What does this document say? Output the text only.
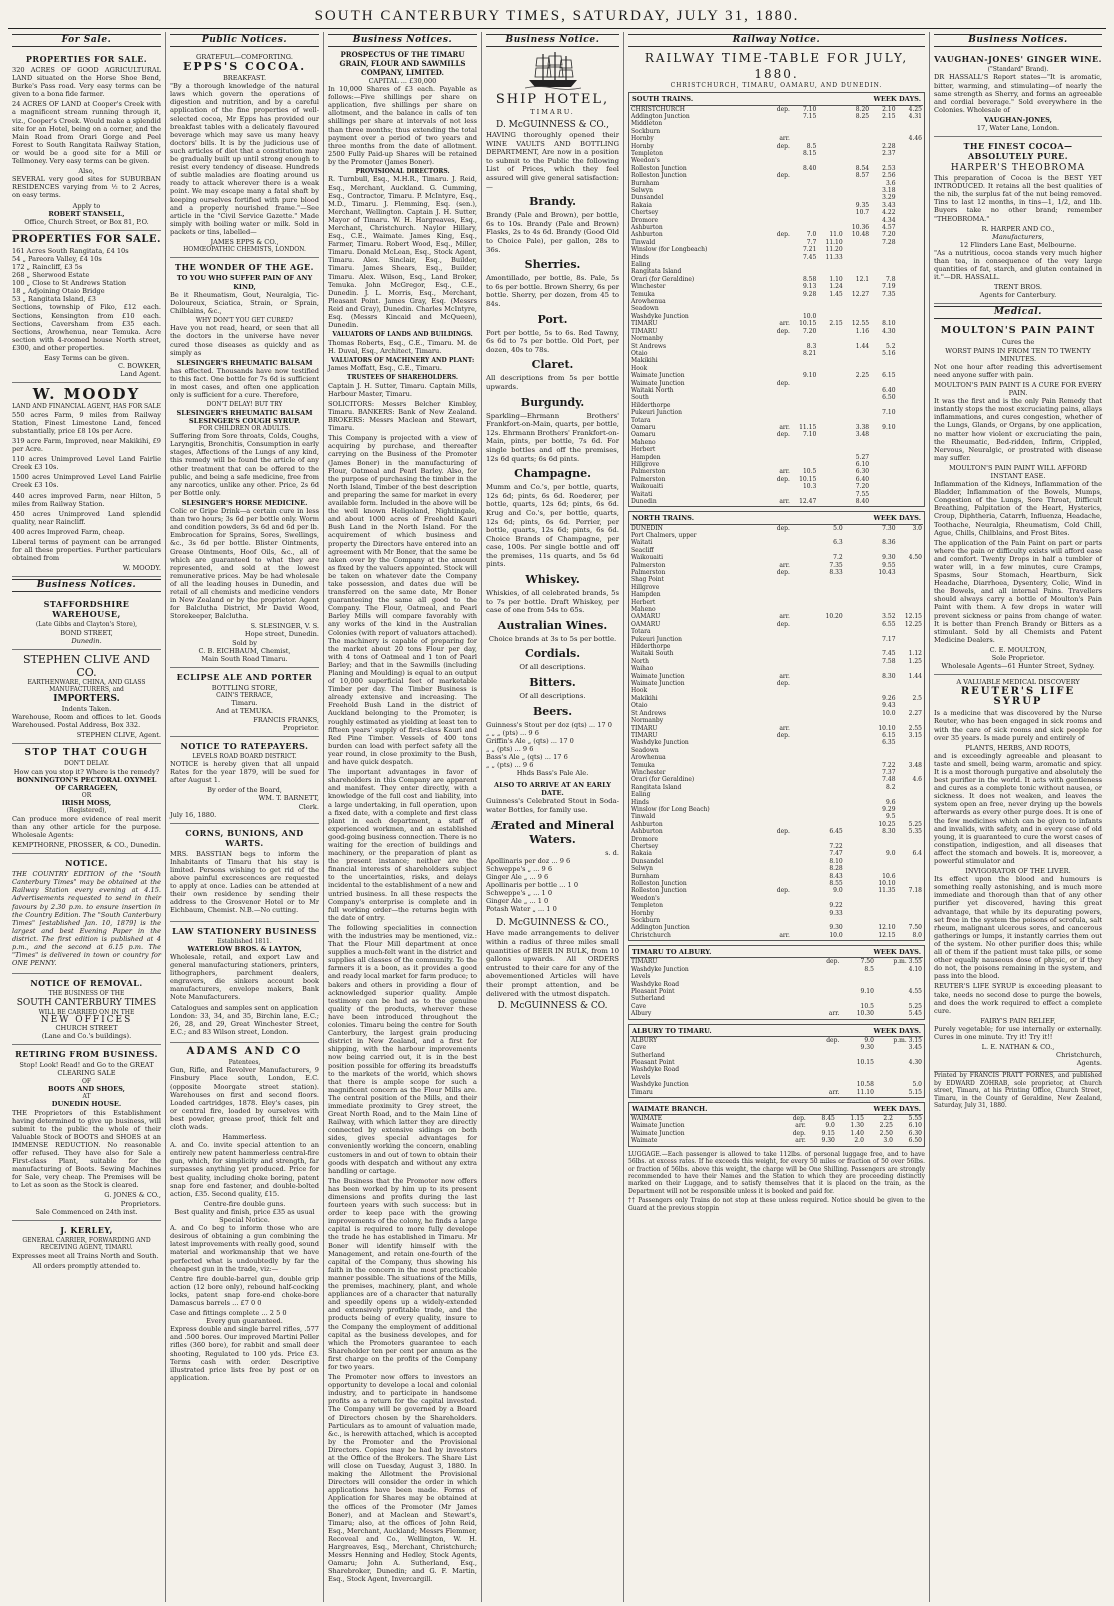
SOUTH CANTERBURY TIMES, SATURDAY, JULY 31, 1880.
For Sale.
PROPERTIES FOR SALE.
320 ACRES OF GOOD AGRICULTURAL LAND situated on the Horse Shoe Bend, Burke's Pass road. Very easy terms can be given to a bona fide farmer.
24 ACRES OF LAND at Cooper's Creek with a magnificent stream running through it, viz., Cooper's Creek. Would make a splendid site for an Hotel, being on a corner, and the Main Road from Orari Gorge and Peel Forest to South Rangitata Railway Station, or would be a good site for a Mill or Tellmoney. Very easy terms can be given.
Also,
SEVERAL very good sites for SUBURBAN RESIDENCES varying from ½ to 2 Acres, on easy terms.
Apply to
ROBERT STANSELL,
Office, Church Street, or Box 81, P.O.
PROPERTIES FOR SALE.
161 Acres South Rangitata, £4 10s
54 „ Pareora Valley, £4 10s
172 „ Raincliff, £3 5s
268 „ Sherwood Estate
100 „ Close to St Andrews Station
18 „ Adjoining Otaio Bridge
53 „ Rangitata Island, £3
Sections, township of Fiko, £12 each. Sections, Kensington from £10 each. Sections, Caversham from £35 each. Sections, Arowhenua, near Temuka. Acre section with 4-roomed house North street, £300, and other properties.
Easy Terms can be given.
C. BOWKER,
Land Agent.
W. MOODY
LAND AND FINANCIAL AGENT, HAS FOR SALE
550 acres Farm, 9 miles from Railway Station, Finest Limestone Land, fenced substantially, price £8 10s per Acre.
319 acre Farm, Improved, near Makikihi, £9 per Acre.
110 acres Unimproved Level Land Fairlie Creek £3 10s.
1500 acres Unimproved Level Land Fairlie Creek £3 10s.
440 acres improved Farm, near Hilton, 5 miles from Railway Station.
450 acres Unimproved Land splendid quality, near Raincliff.
400 acres Improved Farm, cheap.
Liberal terms of payment can be arranged for all these properties. Further particulars obtained from
W. MOODY.
Business Notices.
STAFFORDSHIRE WAREHOUSE,
(Late Gibbs and Clayton's Store),
BOND STREET,
Dunedin.
STEPHEN CLIVE AND CO.
EARTHENWARE, CHINA, AND GLASS MANUFACTURERS, and
IMPORTERS.
Indents Taken.
Warehouse, Room and offices to let. Goods Warehoused. Postal Address, Box 332.
STEPHEN CLIVE, Agent.
STOP THAT COUGH
DON'T DELAY.
How can you stop it? Where is the remedy?
BONNINGTON'S PECTORAL OXYMEL OF CARRAGEEN,
OR
IRISH MOSS,
(Registered),
Can produce more evidence of real merit than any other article for the purpose. Wholesale Agents:
KEMPTHORNE, PROSSER, & CO., Dunedin.
NOTICE.
THE COUNTRY EDITION of the "South Canterbury Times" may be obtained at the Railway Station every evening at 4.15. Advertisements requested to send in their favours by 2.30 p.m. to ensure insertion in the Country Edition. The "South Canterbury Times" [established Jan. 10, 1879] is the largest and best Evening Paper in the district. The first edition is published at 4 p.m., and the second at 6.15 p.m. The "Times" is delivered in town or country for ONE PENNY.
NOTICE OF REMOVAL.
THE BUSINESS OF THE
SOUTH CANTERBURY TIMES
WILL BE CARRIED ON IN THE
NEW OFFICES
CHURCH STREET
(Lane and Co.'s buildings).
RETIRING FROM BUSINESS.
Stop! Look! Read! and Go to the GREAT CLEARING SALE
OF
BOOTS AND SHOES,
AT
DUNEDIN HOUSE.
THE Proprietors of this Establishment having determined to give up business, will submit to the public the whole of their Valuable Stock of BOOTS and SHOES at an IMMENSE REDUCTION. No reasonable offer refused. They have also for Sale a First-class Plant, suitable for the manufacturing of Boots. Sewing Machines for Sale, very cheap. The Premises will be to Let as soon as the Stock is cleared.
G. JONES & CO.,
Proprietors.
Sale Commenced on 24th inst.
J. KERLEY,
GENERAL CARRIER, FORWARDING AND RECEIVING AGENT, TIMARU.
Expresses meet all Trains North and South.
All orders promptly attended to.
Public Notices.
GRATEFUL—COMFORTING.
EPPS'S COCOA.
BREAKFAST.
"By a thorough knowledge of the natural laws which govern the operations of digestion and nutrition, and by a careful application of the fine properties of well-selected cocoa, Mr Epps has provided our breakfast tables with a delicately flavoured beverage which may save us many heavy doctors' bills. It is by the judicious use of such articles of diet that a constitution may be gradually built up until strong enough to resist every tendency of disease. Hundreds of subtle maladies are floating around us ready to attack wherever there is a weak point. We may escape many a fatal shaft by keeping ourselves fortified with pure blood and a properly nourished frame."—See article in the "Civil Service Gazette." Made simply with boiling water or milk. Sold in packets or tins, labelled—
JAMES EPPS & CO.,
HOMŒOPATHIC CHEMISTS, LONDON.
THE WONDER OF THE AGE.
TO YOU WHO SUFFER PAIN OF ANY KIND,
Be it Rheumatism, Gout, Neuralgia, Tic-Doloureux, Sciatica, Strain, or Sprain, Chilblains, &c.,
WHY DON'T YOU GET CURED?
Have you not read, heard, or seen that all the doctors in the universe have never cured those diseases as quickly and as simply as
SLESINGER'S RHEUMATIC BALSAM
has effected. Thousands have now testified to this fact. One bottle for 7s 6d is sufficient in most cases, and often one application only is sufficient for a cure. Therefore,
DON'T DELAY! BUT TRY
SLESINGER'S RHEUMATIC BALSAM
SLESINGER'S COUGH SYRUP.
FOR CHILDREN OR ADULTS.
Suffering from Sore throats, Colds, Coughs, Laryngitis, Bronchitis, Consumption in early stages, Affections of the Lungs of any kind, this remedy will be found the article of any other treatment that can be offered to the public, and being a safe medicine, free from any narcotics, unlike any other. Price, 2s 6d per Bottle only.
SLESINGER'S HORSE MEDICINE.
Colic or Gripe Drink—a certain cure in less than two hours; 3s 6d per bottle only. Worm and condition powders, 3s 6d and 6d per lb. Embrocation for Sprains, Sores, Swellings, &c., 3s 6d per bottle. Blister Ointments, Grease Ointments, Hoof Oils, &c., all of which are guaranteed to what they are represented, and sold at the lowest remunerative prices. May be had wholesale of all the leading houses in Dunedin, and retail of all chemists and medicine vendors in New Zealand or by the proprietor. Agent for Balclutha District, Mr David Wood, Storekeeper, Balclutha.
S. SLESINGER, V. S.
Hope street, Dunedin.
Sold by
C. B. EICHBAUM, Chemist,
Main South Road Timaru.
ECLIPSE ALE AND PORTER
BOTTLING STORE,
CAIN'S TERRACE,
Timaru.
And at TEMUKA.
FRANCIS FRANKS,
Proprietor.
NOTICE TO RATEPAYERS.
LEVELS ROAD BOARD DISTRICT.
NOTICE is hereby given that all unpaid Rates for the year 1879, will be sued for after August 1.
By order of the Board,
WM. T. BARNETT,
Clerk.
July 16, 1880.
CORNS, BUNIONS, AND WARTS.
MRS. BASSTIAN begs to inform the Inhabitants of Timaru that his stay is limited. Persons wishing to get rid of the above painful excrescences are requested to apply at once. Ladies can be attended at their own residence by sending their address to the Grosvenor Hotel or to Mr Eichbaum, Chemist. N.B.—No cutting.
LAW STATIONERY BUSINESS
Established 1811.
WATERLOW BROS. & LAYTON,
Wholesale, retail, and export Law and general manufacturing stationers, printers, lithographers, parchment dealers, engravers, die sinkers account book manufacturers, envelope makers, Bank Note Manufacturers.
Catalogues and samples sent on application
London: 33, 34, and 35, Birchin lane, E.C.; 26, 28, and 29, Great Winchester Street, E.C.; and 83 Wilson street, London.
ADAMS AND CO
Patentees,
Gun, Rifle, and Revolver Manufacturers, 9 Finsbury Place south, London, E.C. (opposite Moorgate street station). Warehouses on first and second floors. Loaded cartridges, 1878. Eley's cases, pin or central fire, loaded by ourselves with best powder, grease proof, thick felt and cloth wads.
Hammerless.
A. and Co. invite special attention to an entirely new patent hammerless central-fire gun, which, for simplicity and strength, far surpasses anything yet produced. Price for best quality, including choke boring, patent snap fore end fastener, and double-bolted action, £35. Second quality, £15.
Centre-fire double guns.
Best quality and finish, price £35 as usual
Special Notice.
A. and Co beg to inform those who are desirous of obtaining a gun combining the latest improvements with really good, sound material and workmanship that we have perfected what is undoubtedly by far the cheapest gun in the trade, viz:—
Centre fire double-barrel gun, double grip action (12 bore only), rebound half-cocking locks, patent snap fore-end choke-bore Damascus barrels ... £7 0 0
Case and fittings complete ... 2 5 0
Every gun guaranteed.
Express double and single barrel rifles, .577 and .500 bores. Our improved Martini Peller rifles (360 bore), for rabbit and small deer shooting, Regulated to 100 yds. Price £3. Terms cash with order. Descriptive illustrated price lists free by post or on application.
Business Notices.
PROSPECTUS OF THE TIMARU GRAIN, FLOUR AND SAWMILLS COMPANY, LIMITED.
CAPITAL ... £30,000
In 10,000 Shares of £3 each. Payable as follows:—Five shillings per share on application, five shillings per share on allotment, and the balance in calls of ten shillings per share at intervals of not less than three months; thus extending the total payment over a period of two years and three months from the date of allotment. 2500 Fully Paid-up Shares will be retained by the Promoter (James Boner).
PROVISIONAL DIRECTORS.
R. Turnbull, Esq., M.H.R., Timaru. J. Reid, Esq., Merchant, Auckland. G. Cumming, Esq., Contractor, Timaru. P. McIntyre, Esq., M.D., Timaru. J. Flemming, Esq. (sen.), Merchant, Wellington. Captain J. H. Sutter, Mayor of Timaru. W. H. Hargreaves, Esq., Merchant, Christchurch. Naylor Hillary, Esq., C.E., Waimate. James King, Esq., Farmer, Timaru. Robert Wood, Esq., Miller, Timaru. Donald McLean, Esq., Stock Agent, Timaru. Alex. Sinclair, Esq., Builder, Timaru. James Shears, Esq., Builder, Timaru. Alex. Wilson, Esq., Land Broker, Temuka. John McGregor, Esq., C.E., Dunedin. J. L. Morris, Esq., Merchant, Pleasant Point. James Gray, Esq. (Messrs Reid and Gray), Dunedin. Charles McIntyre, Esq. (Messrs Kincaid and McQueen), Dunedin.
VALUATORS OF LANDS AND BUILDINGS.
Thomas Roberts, Esq., C.E., Timaru. M. de H. Duval, Esq., Architect, Timaru.
VALUATORS OF MACHINERY AND PLANT:
James Moffatt, Esq., C.E., Timaru.
TRUSTEES OF SHAREHOLDERS.
Captain J. H. Sutter, Timaru. Captain Mills, Harbour Master, Timaru.
SOLICITORS: Messrs Belcher Kimbley, Timaru. BANKERS: Bank of New Zealand. BROKERS: Messrs Maclean and Stewart, Timaru.
This Company is projected with a view of acquiring by purchase, and thereafter carrying on the Business of the Promoter (James Boner) in the manufacturing of Flour, Oatmeal and Pearl Barley. Also, for the purpose of purchasing the timber in the North Island, Timber of the best description and preparing the same for market in every available form. Included in the above will be the well known Heligoland, Nightingale, and about 1000 acres of Freehold Kauri Bush Land in the North Island. For the acquirement of which business and property the Directors have entered into an agreement with Mr Boner, that the same be taken over by the Company at the amount as fixed by the valuers appointed. Stock will be taken on whatever date the Company take possession, and dates due will be transferred on the same date, Mr Boner guaranteeing the same all good to the Company. The Flour, Oatmeal, and Pearl Barley Mills will compare favorably with any works of the kind in the Australian Colonies (with report of valuators attached). The machinery is capable of preparing for the market about 20 tons Flour per day, with 4 tons of Oatmeal and 1 ton of Pearl Barley; and that in the Sawmills (including Planing and Moulding) is equal to an output of 10,000 superficial feet of marketable Timber per day. The Timber Business is already extensive and increasing. The Freehold Bush Land in the district of Auckland belonging to the Promoter, is roughly estimated as yielding at least ten to fifteen years' supply of first-class Kauri and Red Pine Timber. Vessels of 400 tons burden can load with perfect safety all the year round, in close proximity to the Bush, and have quick despatch.
The important advantages in favor of shareholders in this Company are apparent and manifest. They enter directly, with a knowledge of the full cost and liability, into a large undertaking, in full operation, upon a fixed date, with a complete and first class plant in each department, a staff of experienced workmen, and an established good-going business connection. There is no waiting for the erection of buildings and machinery, or the preparation of plant as the present instance; neither are the financial interests of shareholders subject to the uncertainties, risks, and delays incidental to the establishment of a new and untried business. In all these respects the Company's enterprise is complete and in full working order—the returns begin with the date of entry.
The following specialities in connection with the industries may be mentioned, viz.: That the Flour Mill department at once supplies a much-felt want in the district and supplies all classes of the community. To the farmers it is a boon, as it provides a good and ready local market for farm produce; to bakers and others in providing a flour of acknowledged superior quality. Ample testimony can be had as to the genuine quality of the products, wherever these have been introduced throughout the colonies. Timaru being the centre for South Canterbury, the largest grain producing district in New Zealand, and a first for shipping, with the harbour improvements now being carried out, it is in the best position possible for offering its breadstuffs to the markets of the world, which shows that there is ample scope for such a magnificent concern as the Flour Mills are. The central position of the Mills, and their immediate proximity to Grey street, the Great North Road, and to the Main Line of Railway, with which latter they are directly connected by extensive sidings on both sides, gives special advantages for conveniently working the concern, enabling customers in and out of town to obtain their goods with despatch and without any extra handling or cartage.
The Business that the Promoter now offers has been worked by him up to its present dimensions and profits during the last fourteen years with such success: but in order to keep pace with the growing improvements of the colony, he finds a large capital is required to more fully develope the trade he has established in Timaru. Mr Boner will identify himself with the Management, and retain one-fourth of the capital of the Company, thus showing his faith in the concern in the most practicable manner possible. The situations of the Mills, the premises, machinery, plant, and whole appliances are of a character that naturally and speedily opens up a widely-extended and extensively profitable trade, and the products being of every quality, insure to the Company the employment of additional capital as the business developes, and for which the Promoters guarantee to each Shareholder ten per cent per annum as the first charge on the profits of the Company for two years.
The Promoter now offers to investors an opportunity to develope a local and colonial industry, and to participate in handsome profits as a return for the capital invested. The Company will be governed by a Board of Directors chosen by the Shareholders. Particulars as to amount of valuation made, &c., is herewith attached, which is accepted by the Promoter and the Provisional Directors. Copies may be had by investors at the Office of the Brokers. The Share List will close on Tuesday, August 3, 1880. In making the Allotment the Provisional Directors will consider the order in which applications have been made. Forms of Application for Shares may be obtained at the offices of the Promoter (Mr James Boner), and at Maclean and Stewart's, Timaru; also, at the offices of John Reid, Esq., Merchant, Auckland; Messrs Flemmer, Recoveal and Co., Wellington, W. H. Hargreaves, Esq., Merchant, Christchurch; Messrs Henning and Hedley, Stock Agents, Oamaru; John A. Sutherland, Esq., Sharebroker, Dunedin; and G. F. Martin, Esq., Stock Agent, Invercargill.
Business Notice.
SHIP HOTEL,
TIMARU.
D. McGUINNESS & CO.,
HAVING thoroughly opened their WINE VAULTS AND BOTTLING DEPARTMENT, Are now in a position to submit to the Public the following List of Prices, which they feel assured will give general satisfaction:—
Brandy.
Brandy (Pale and Brown), per bottle, 6s to 10s. Brandy (Pale and Brown) Flasks, 2s to 4s 6d. Brandy (Good Old to Choice Pale), per gallon, 28s to 36s.
Sherries.
Amontillado, per bottle, 8s. Pale, 5s to 6s per bottle. Brown Sherry, 6s per bottle. Sherry, per dozen, from 45 to 84s.
Port.
Port per bottle, 5s to 6s. Red Tawny, 6s 6d to 7s per bottle. Old Port, per dozen, 40s to 78s.
Claret.
All descriptions from 5s per bottle upwards.
Burgundy.
Sparkling—Ehrmann Brothers' Frankfort-on-Main, quarts, per bottle, 12s. Ehrmann Brothers' Frankfort-on-Main, pints, per bottle, 7s 6d. For single bottles and off the premises, 12s 6d quarts; 6s 6d pints.
Champagne.
Mumm and Co.'s, per bottle, quarts, 12s 6d; pints, 6s 6d. Roederer, per bottle, quarts, 12s 6d; pints, 6s 6d. Krug and Co.'s, per bottle, quarts, 12s 6d; pints, 6s 6d. Perrier, per bottle, quarts, 12s 6d; pints, 6s 6d. Choice Brands of Champagne, per case, 100s. Per single bottle and off the premises, 11s quarts, and 5s 6d pints.
Whiskey.
Whiskies, of all celebrated brands, 5s to 7s per bottle. Draft Whiskey, per case of one from 54s to 65s.
Australian Wines.
Choice brands at 3s to 5s per bottle.
Cordials.
Of all descriptions.
Bitters.
Of all descriptions.
Beers.
Guinness's Stout per doz (qts) ... 17 0
„ „ „ (pts) ... 9 6
Griffin's Ale „ (qts) ... 17 0
„ „ (pts) ... 9 6
Bass's Ale „ (qts) ... 17 6
„ „ (pts) ... 9 6
Hhds Bass's Pale Ale.
ALSO TO ARRIVE AT AN EARLY DATE.
Guinness's Celebrated Stout in Soda-water Bottles, for family use.
Ærated and Mineral Waters.
s. d.
Apollinaris per doz ... 9 6
Schweppe's „ ... 9 6
Ginger Ale „ ... 9 6
Apollinaris per bottle ... 1 0
Schweppe's „ ... 1 0
Ginger Ale „ ... 1 0
Potash Water „ ... 1 0
D. McGUINNESS & CO.,
Have made arrangements to deliver within a radius of three miles small quantities of BEER IN BULK, from 10 gallons upwards. All ORDERS entrusted to their care for any of the abovementioned Articles will have their prompt attention, and be delivered with the utmost dispatch.
D. McGUINNESS & CO.
Railway Notice.
RAILWAY TIME-TABLE FOR JULY, 1880.
CHRISTCHURCH, TIMARU, OAMARU, AND DUNEDIN.
SOUTH TRAINS.	WEEK DAYS.
CHRISTCHURCH	dep.	7.10		8.20	2.10	4.25
Addington Junction		7.15		8.25	2.15	4.31
Middleton						
Sockburn						
Hornby	arr.					4.46
Hornby	dep.	8.5			2.28	
Templeton		8.15			2.37	
Weedon's						
Rolleston Junction		8.40		8.54	2.53	
Rolleston Junction	dep.			8.57	2.56	
Burnham					3.6	
Selwyn					3.18	
Dunsandel					3.29	
Rakaia				9.35	3.43	
Chertsey				10.7	4.22	
Dromore					4.34	
Ashburton				10.36	4.57	
Ashburton	dep.	7.0	11.0	10.48	7.20	
Tinwald		7.7	11.10		7.28	
Winslow (for Longbeach)		7.21	11.20			
Hinds		7.45	11.33			
Ealing						
Rangitata Island						
Orari (for Geraldine)		8.58	1.10	12.1	7.8	
Winchester		9.13	1.24		7.19	
Temuka		9.28	1.45	12.27	7.35	
Arowhenua						
Seadown						
Washdyke Junction		10.0				
TIMARU	arr.	10.15	2.15	12.55	8.10	
TIMARU	dep.	7.20		1.16	4.30	
Normanby						
St Andrews		8.3		1.44	5.2	
Otaio		8.21			5.16	
Makikihi						
Hook						
Waimate Junction		9.10		2.25	6.15	
Waimate Junction	dep.					
Waitaki North					6.40	
South					6.50	
Hilderthorpe						
Pukeuri Junction					7.10	
Totara						
Oamaru	arr.	11.15		3.38	9.10	
Oamaru	dep.	7.10		3.48		
Maheno						
Herbert						
Hampden				5.27		
Hillgrove				6.10		
Palmerston	arr.	10.5		6.30		
Palmerston	dep.	10.15		6.40		
Waikouaiti		10.3		7.20		
Waitati				7.55		
Dunedin	arr.	12.47		8.40		
NORTH TRAINS.	WEEK DAYS.
DUNEDIN	dep.		5.0		7.30	3.0
Port Chalmers, upper						
Waitati			6.3		8.36	
Seacliff						
Waikouaiti			7.2		9.30	4.50
Palmerston	arr.		7.35		9.55	
Palmerston	dep.		8.33		10.43	
Shag Point						
Hillgrove						
Hampden						
Herbert						
Maheno						
OAMARU	arr.		10.20		3.52	12.15
OAMARU	dep.				6.55	12.25
Totara						
Pukeuri Junction					7.17	
Hilderthorpe						
Waitaki South					7.45	1.12
North					7.58	1.25
Waihao						
Waimate Junction	arr.				8.30	1.44
Waimate Junction	dep.					
Hook						
Makikihi					9.26	2.5
Otaio					9.43	
St Andrews					10.0	2.27
Normanby						
TIMARU	arr.				10.10	2.55
TIMARU	dep.				6.15	3.15
Washdyke Junction					6.35	
Seadown						
Arowhenua						
Temuka					7.22	3.48
Winchester					7.37	
Orari (for Geraldine)					7.48	4.6
Rangitata Island					8.2	
Ealing						
Hinds					9.6	
Winslow (for Long Beach)					9.29	
Tinwald					9.5	
Ashburton					10.25	5.25
Ashburton	dep.		6.45		8.30	5.35
Dromore						
Chertsey			7.22			
Rakaia			7.47		9.0	6.4
Dunsandel			8.10			
Selwyn			8.28			
Burnham			8.43		10.6	
Rolleston Junction			8.55		10.10	
Rolleston Junction	dep.		9.0		11.35	7.18
Weedon's						
Templeton			9.22			
Hornby			9.33			
Sockburn						
Addington Junction			9.30		12.10	7.50
Christchurch	arr.		10.0		12.15	8.0
TIMARU TO ALBURY.	WEEK DAYS.
TIMARU	dep.	7.50	p.m. 3.55
Washdyke Junction		8.5	4.10
Levels			
Washdyke Road			
Pleasant Point		9.10	4.55
Sutherland			
Cave		10.5	5.25
Albury	arr.	10.30	5.45
ALBURY TO TIMARU.	WEEK DAYS.
ALBURY	dep.	9.0	p.m. 3.15
Cave		9.30	3.45
Sutherland			
Pleasant Point		10.15	4.30
Washdyke Road			
Levels			
Washdyke Junction		10.58	5.0
Timaru	arr.	11.10	5.15
WAIMATE BRANCH.	WEEK DAYS.
WAIMATE	dep.	8.45	1.15	2.2	5.55
Waimate Junction	arr.	9.0	1.30	2.25	6.10
Waimate Junction	dep.	9.15	1.40	2.50	6.30
Waimate	arr.	9.30	2.0	3.0	6.50
LUGGAGE.—Each passenger is allowed to take 112lbs. of personal luggage free, and to have 56lbs. at excess rates. If he exceeds this weight, for every 50 miles or fraction of 50 over 56lbs. or fraction of 56lbs. above this weight, the charge will be One Shilling. Passengers are strongly recommended to have their Names and the Station to which they are proceeding distinctly marked on their Luggage, and to satisfy themselves that it is placed on the train, as the Department will not be responsible unless it is booked and paid for.
†† Passengers only Trains do not stop at these unless required. Notice should be given to the Guard at the previous stoppin
Business Notices.
VAUGHAN-JONES' GINGER WINE.
("Standard" Brand).
DR HASSALL'S Report states—"It is aromatic, bitter, warming, and stimulating—of nearly the same strength as Sherry, and forms an agreeable and cordial beverage." Sold everywhere in the Colonies. Wholesale of
VAUGHAN-JONES,
17, Water Lane, London.
THE FINEST COCOA—ABSOLUTELY PURE.
HARPER'S THEOBROMA
This preparation of Cocoa is the BEST YET INTRODUCED. It retains all the best qualities of the nib, the surplus fat of the nut being removed. Tins to last 12 months, in tins—1, 1/2, and 1lb. Buyers take no other brand; remember "THEOBROMA."
R. HARPER AND CO.,
Manufacturers,
12 Flinders Lane East, Melbourne.
"As a nutritious, cocoa stands very much higher than tea, in consequence of the very large quantities of fat, starch, and gluten contained in it."—DR. HASSALL.
TRENT BROS.
Agents for Canterbury.
Medical.
MOULTON'S PAIN PAINT
Cures the
WORST PAINS IN FROM TEN TO TWENTY MINUTES.
Not one hour after reading this advertisement need anyone suffer with pain.
MOULTON'S PAIN PAINT IS A CURE FOR EVERY PAIN.
It was the first and is the only Pain Remedy that instantly stops the most excruciating pains, allays inflammations, and cures congestion, whether of the Lungs, Glands, or Organs, by one application, no matter how violent or excruciating the pain, the Rheumatic, Bed-ridden, Infirm, Crippled, Nervous, Neuralgic, or prostrated with disease may suffer.
MOULTON'S PAIN PAINT WILL AFFORD INSTANT EASE.
Inflammation of the Kidneys, Inflammation of the Bladder, Inflammation of the Bowels, Mumps, Congestion of the Lungs, Sore Throat, Difficult Breathing, Palpitation of the Heart, Hysterics, Croup, Diphtheria, Catarrh, Influenza, Headache, Toothache, Neuralgia, Rheumatism, Cold Chill, Ague, Chills, Chilblains, and Frost Bites.
The application of the Pain Paint on part or parts where the pain or difficulty exists will afford ease and comfort. Twenty Drops in half a tumbler of water will, in a few minutes, cure Cramps, Spasms, Sour Stomach, Heartburn, Sick Headache, Diarrhoea, Dysentery, Colic, Wind in the Bowels, and all internal Pains. Travellers should always carry a bottle of Moulton's Pain Paint with them. A few drops in water will prevent sickness or pains from change of water. It is better than French Brandy or Bitters as a stimulant. Sold by all Chemists and Patent Medicine Dealers.
C. E. MOULTON,
Sole Proprietor.
Wholesale Agents—61 Hunter Street, Sydney.
A VALUABLE MEDICAL DISCOVERY
REUTER'S LIFE SYRUP
Is a medicine that was discovered by the Nurse Reuter, who has been engaged in sick rooms and with the care of sick rooms and sick people for over 35 years. Is made purely and entirely of
PLANTS, HERBS, AND ROOTS,
and is exceedingly agreeable and pleasant to taste and smell, being warm, aromatic and spicy. It is a most thorough purgative and absolutely the best purifier in the world. It acts with gentleness and cures as a complete tonic without nausea, or sickness. It does not weaken, and leaves the system open an free, never drying up the bowels afterwards as every other purge does. It is one of the few medicines which can be given to infants and invalids, with safety, and in every case of old young, it is guaranteed to cure the worst cases of constipation, indigestion, and all diseases that affect the stomach and bowels. It is, moreover, a powerful stimulator and
INVIGORATOR OF THE LIVER.
Its effect upon the blood and humours is something really astonishing, and is much more immediate and thorough than that of any other purifier yet discovered, having this great advantage, that while by its depurating powers, set free in the system the poisons of scrofula, salt rheum, malignant ulcerous sores, and cancerous gatherings or lumps, it instantly carries them out of the system. No other purifier does this; while all of them if the patient must take pills, or some other equally nauseous dose of physic, or if they do not, the poisons remaining in the system, and pass into the blood.
REUTER'S LIFE SYRUP is exceeding pleasant to take, needs no second dose to purge the bowels, and does the work required to effect a complete cure.
FAIRY'S PAIN RELIEF,
Purely vegetable; for use internally or externally. Cures in one minute. Try it! Try it!!
L. E. NATHAN & CO.,
Christchurch,
Agents.
Printed by FRANCIS PRATT FORNES, and published by EDWARD ZOHRAB, sole proprietor, at Church street, Timaru, at his Printing Office, Church Street, Timaru, in the County of Geraldine, New Zealand, Saturday, July 31, 1880.
